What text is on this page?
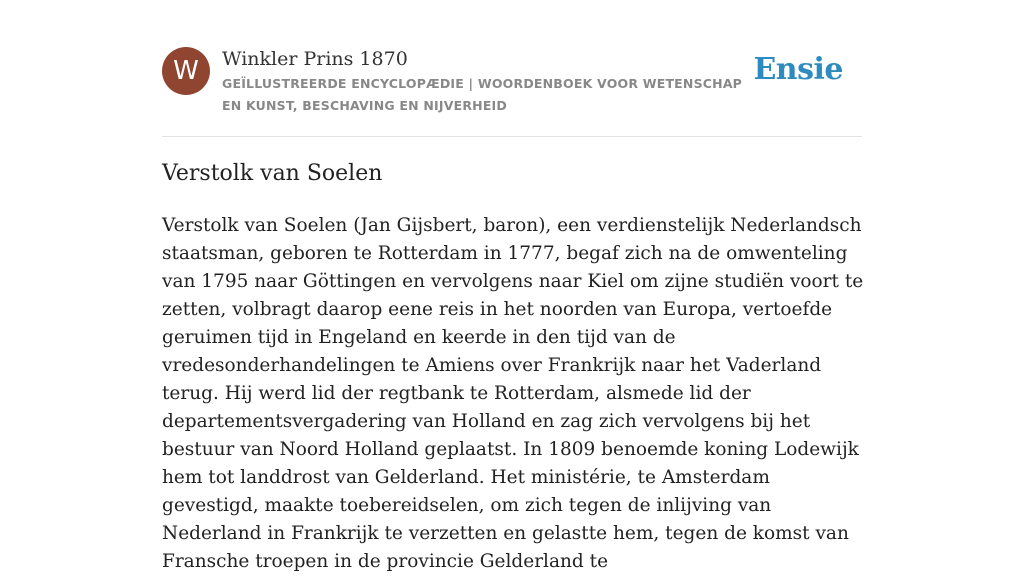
W	Winkler Prins 1870
GEÏLLUSTREERDE ENCYCLOPÆDIE | WOORDENBOEK VOOR WETENSCHAP EN KUNST, BESCHAVING EN NIJVERHEID
Ensie
Verstolk van Soelen

Verstolk van Soelen (Jan Gijsbert, baron), een verdienstelijk Nederlandsch staatsman, geboren te Rotterdam in 1777, begaf zich na de omwenteling van 1795 naar Göttingen en vervolgens naar Kiel om zijne studiën voort te zetten, volbragt daarop eene reis in het noorden van Europa, vertoefde geruimen tijd in Engeland en keerde in den tijd van de vredesonderhandelingen te Amiens over Frankrijk naar het Vaderland terug. Hij werd lid der regtbank te Rotterdam, alsmede lid der departementsvergadering van Holland en zag zich vervolgens bij het bestuur van Noord Holland geplaatst. In 1809 benoemde koning Lodewijk hem tot landdrost van Gelderland. Het ministérie, te Amsterdam gevestigd, maakte toebereidselen, om zich tegen de inlijving van Nederland in Frankrijk te verzetten en gelastte hem, tegen de komst van Fransche troepen in de provincie Gelderland te
